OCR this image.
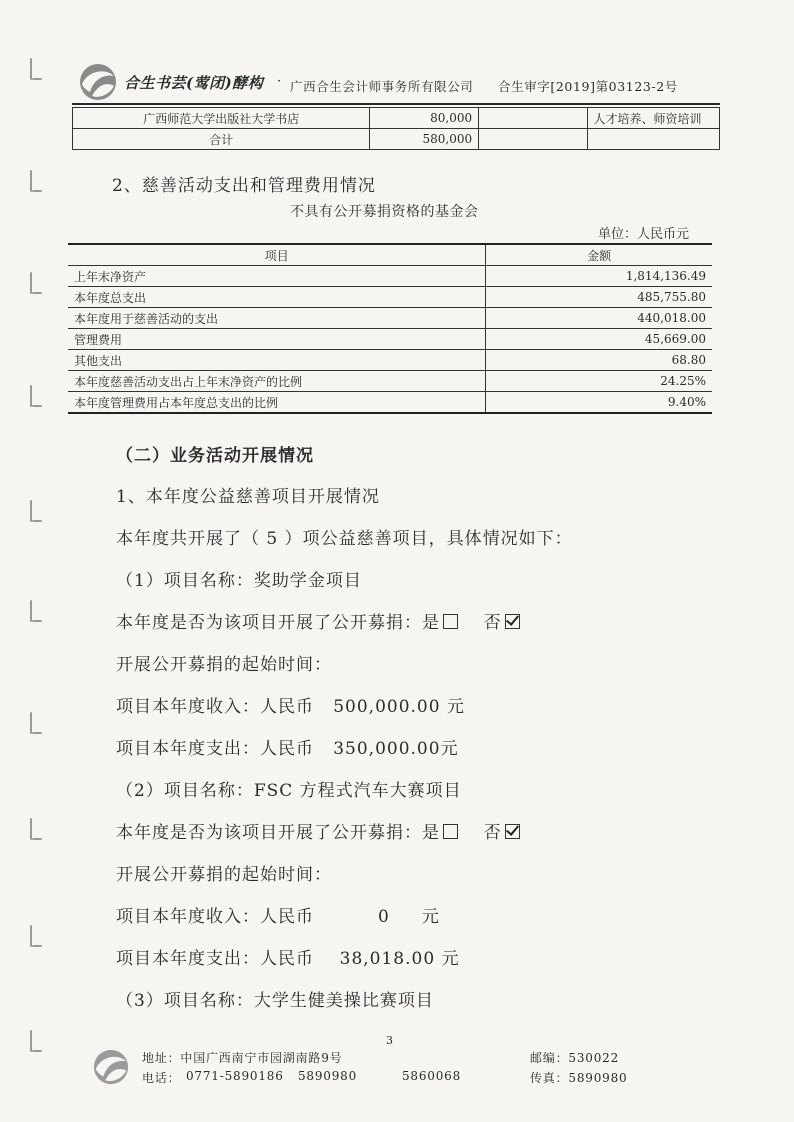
合生书芸(莺闭)酵构 · 广西合生会计师事务所有限公司 合生审字[2019]第03123-2号
广西师范大学出版社大学书店	80,000		人才培养、师资培训
合计	580,000		
2、慈善活动支出和管理费用情况
不具有公开募捐资格的基金会
单位：人民币元
项目	金额
上年末净资产	1,814,136.49
本年度总支出	485,755.80
本年度用于慈善活动的支出	440,018.00
管理费用	45,669.00
其他支出	68.80
本年度慈善活动支出占上年末净资产的比例	24.25%
本年度管理费用占本年度总支出的比例	9.40%
（二）业务活动开展情况
1、本年度公益慈善项目开展情况
本年度共开展了（ 5 ）项公益慈善项目，具体情况如下：
（1）项目名称：奖助学金项目
本年度是否为该项目开展了公开募捐：是	否
开展公开募捐的起始时间：
项目本年度收入：人民币 500,000.00 元
项目本年度支出：人民币 350,000.00元
（2）项目名称：FSC 方程式汽车大赛项目
本年度是否为该项目开展了公开募捐：是	否
开展公开募捐的起始时间：
项目本年度收入：人民币	0 元
项目本年度支出：人民币 38,018.00 元
（3）项目名称：大学生健美操比赛项目
3
地址：中国广西南宁市园湖南路9号	邮编：530022
电话： 0771-5890186 5890980	5860068	传真：5890980
